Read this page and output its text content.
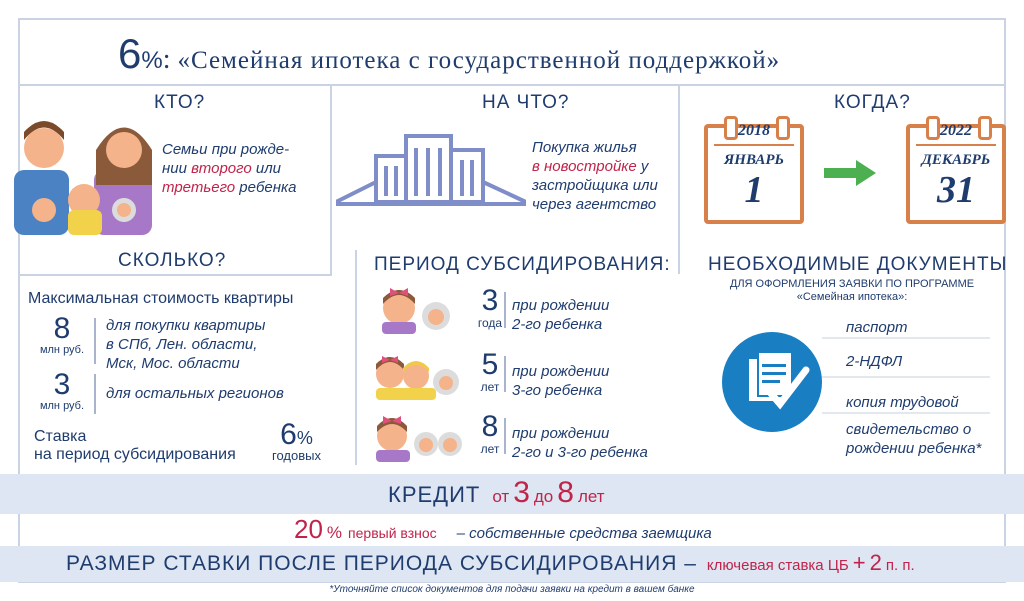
6%: «Семейная ипотека с государственной поддержкой»
КТО?
Семьи при рожде-
нии второго или
третьего ребенка
НА ЧТО?
Покупка жилья
в новостройке у
застройщика или
через агентство
КОГДА?
2018
ЯНВАРЬ
1
2022
ДЕКАБРЬ
31
СКОЛЬКО?
Максимальная стоимость квартиры
8
млн руб.
для покупки квартиры
в СПб, Лен. области,
Мск, Мос. области
3
млн руб.
для остальных регионов
Ставка
на период субсидирования
6%
годовых
ПЕРИОД СУБСИДИРОВАНИЯ:
3
года
при рождении
2-го ребенка
5
лет
при рождении
3-го ребенка
8
лет
при рождении
2-го и 3-го ребенка
НЕОБХОДИМЫЕ ДОКУМЕНТЫ
ДЛЯ ОФОРМЛЕНИЯ ЗАЯВКИ ПО ПРОГРАММЕ
«Семейная ипотека»:
паспорт
2-НДФЛ
копия трудовой
свидетельство о
рождении ребенка*
КРЕДИТ от 3 до 8 лет
20 % первый взнос – собственные средства заемщика
РАЗМЕР СТАВКИ ПОСЛЕ ПЕРИОДА СУБСИДИРОВАНИЯ – ключевая ставка ЦБ + 2 п. п.
*Уточняйте список документов для подачи заявки на кредит в вашем банке
